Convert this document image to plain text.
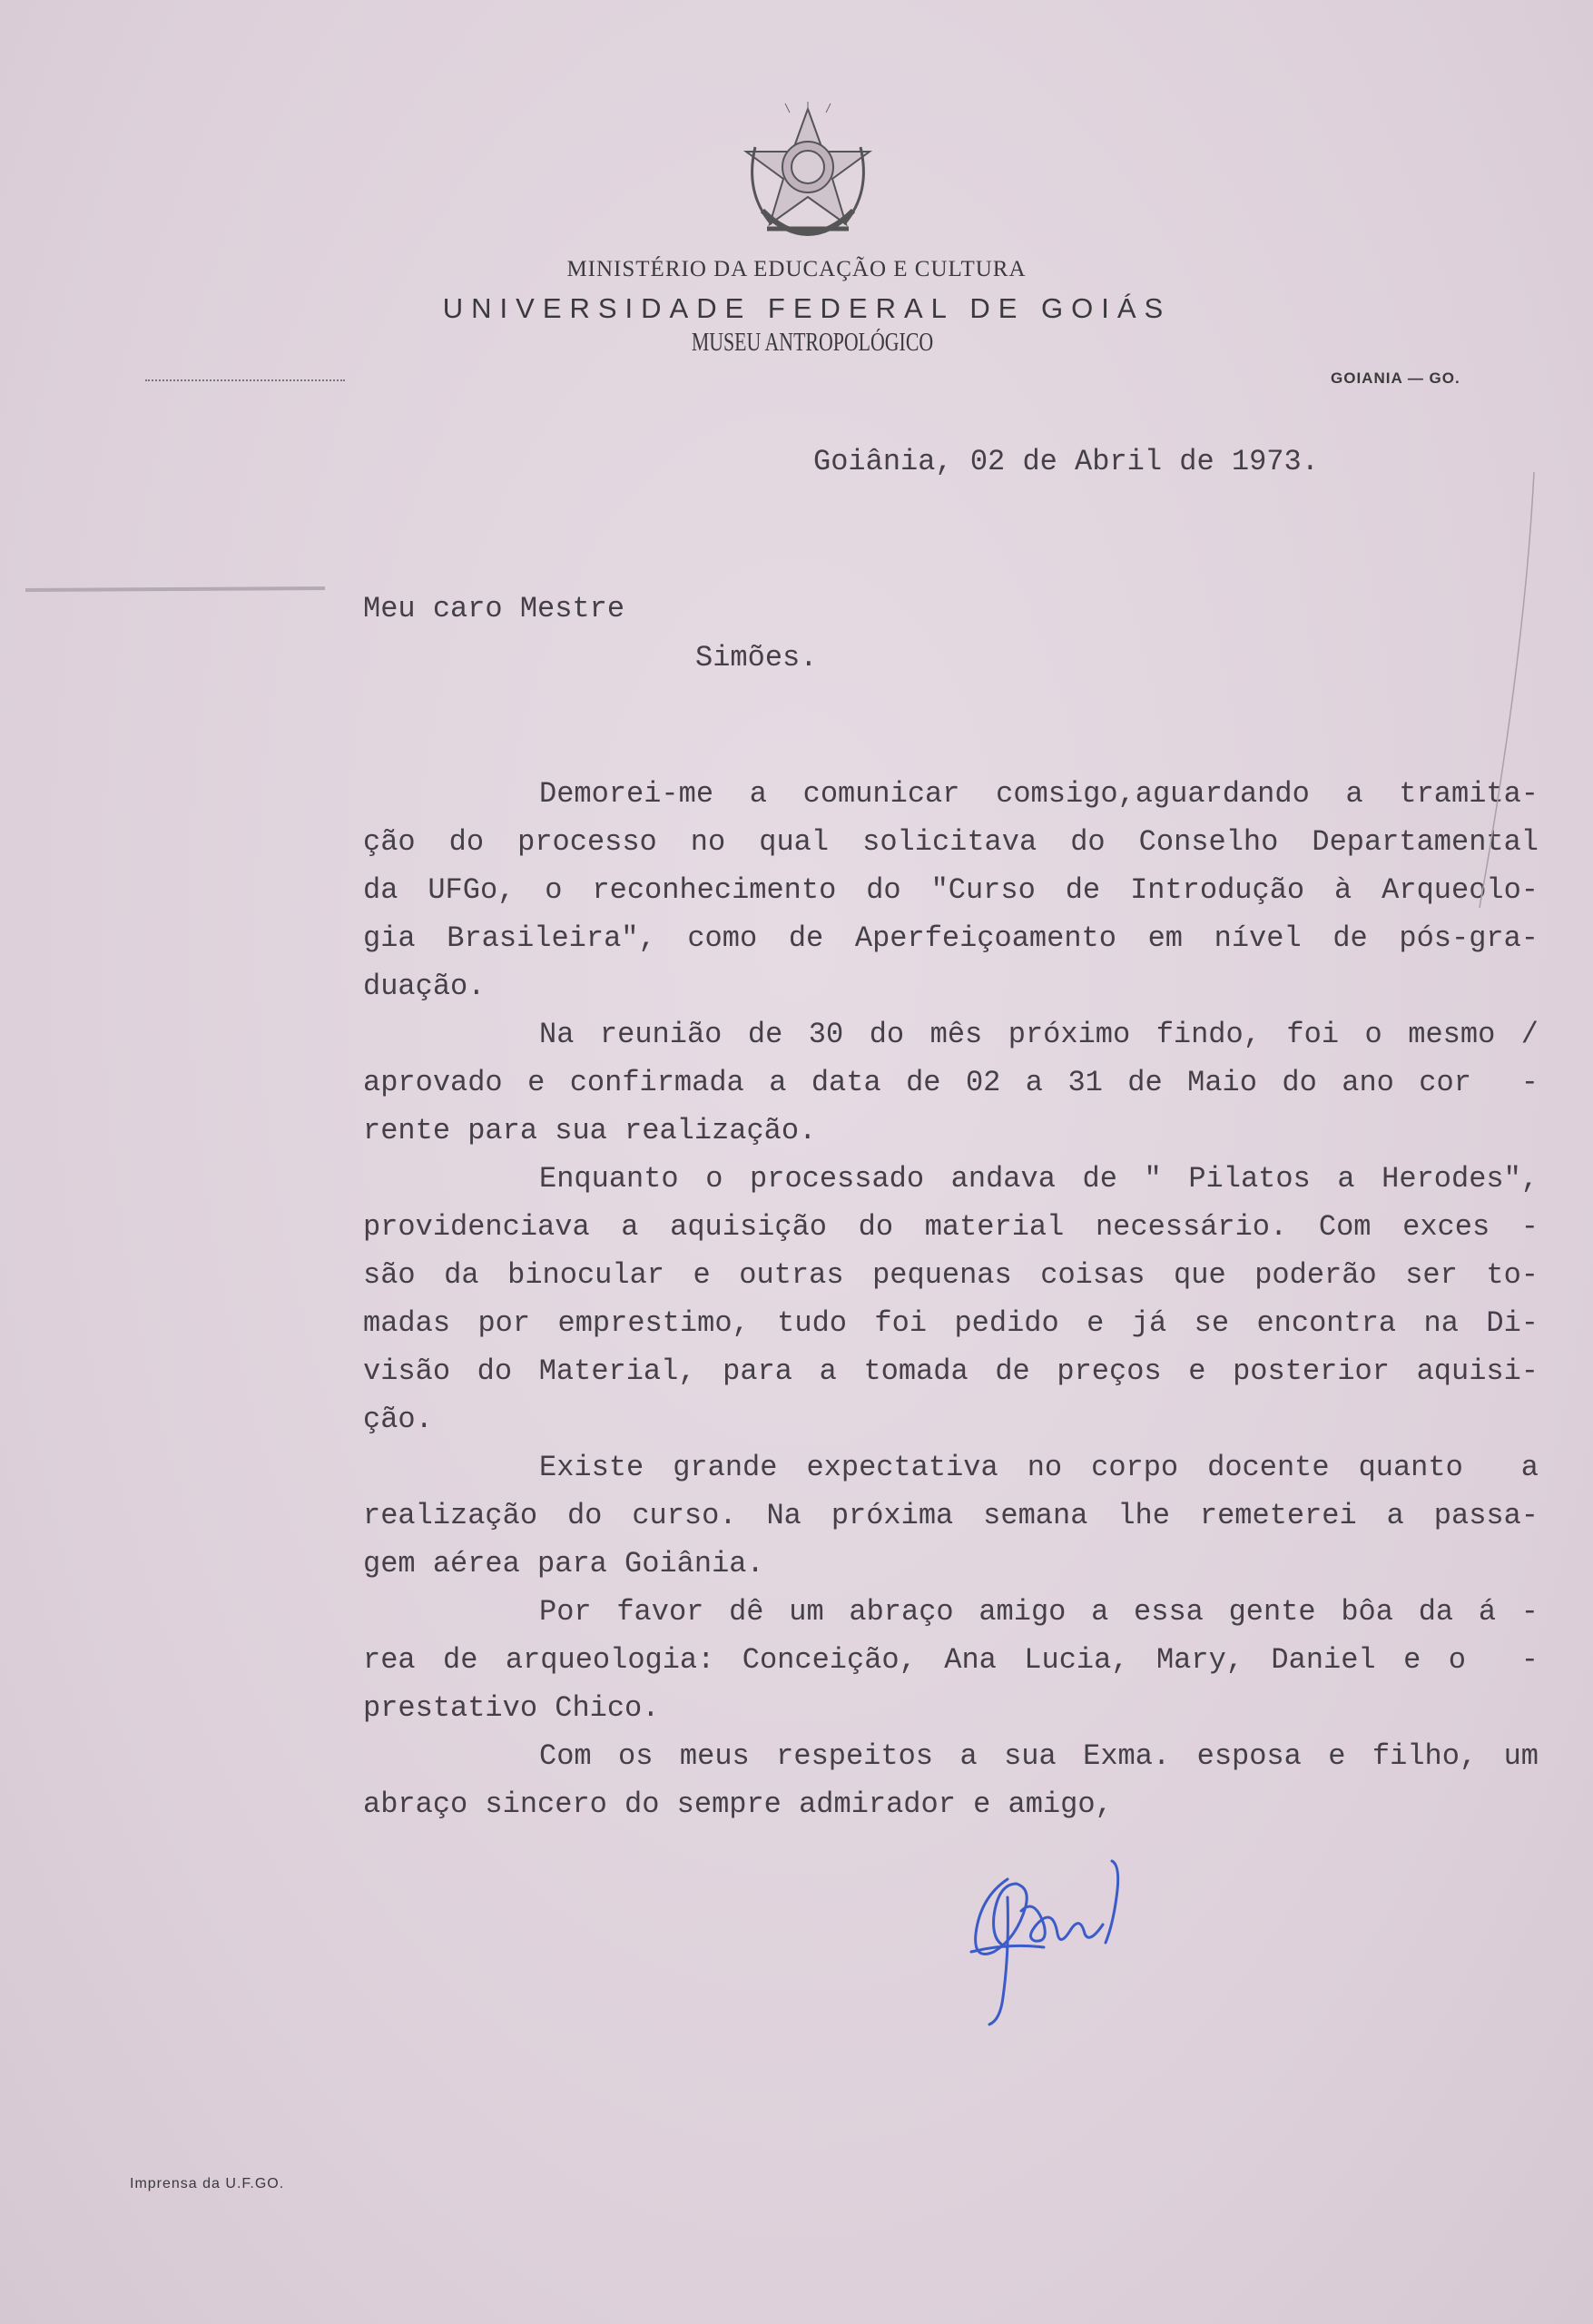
MINISTÉRIO DA EDUCAÇÃO E CULTURA
UNIVERSIDADE FEDERAL DE GOIÁS
MUSEU ANTROPOLÓGICO
GOIANIA — GO.
Goiânia, 02 de Abril de 1973.
Meu caro Mestre
Simões.
Demorei-me a comunicar comsigo,aguardando a tramita-
ção do processo no qual solicitava do Conselho Departamental
da UFGo, o reconhecimento do "Curso de Introdução à Arqueolo-
gia Brasileira", como de Aperfeiçoamento em nível de pós-gra-
duação.
Na reunião de 30 do mês próximo findo, foi o mesmo /
aprovado e confirmada a data de 02 a 31 de Maio do ano cor  -
rente para sua realização.
Enquanto o processado andava de " Pilatos a Herodes",
providenciava a aquisição do material necessário. Com exces -
são da binocular e outras pequenas coisas que poderão ser to-
madas por emprestimo, tudo foi pedido e já se encontra na Di-
visão do Material, para a tomada de preços e posterior aquisi-
ção.
Existe grande expectativa no corpo docente quanto  a
realização do curso. Na próxima semana lhe remeterei a passa-
gem aérea para Goiânia.
Por favor dê um abraço amigo a essa gente bôa da á -
rea de arqueologia: Conceição, Ana Lucia, Mary, Daniel e o  -
prestativo Chico.
Com os meus respeitos a sua Exma. esposa e filho, um
abraço sincero do sempre admirador e amigo,
Imprensa da U.F.GO.
